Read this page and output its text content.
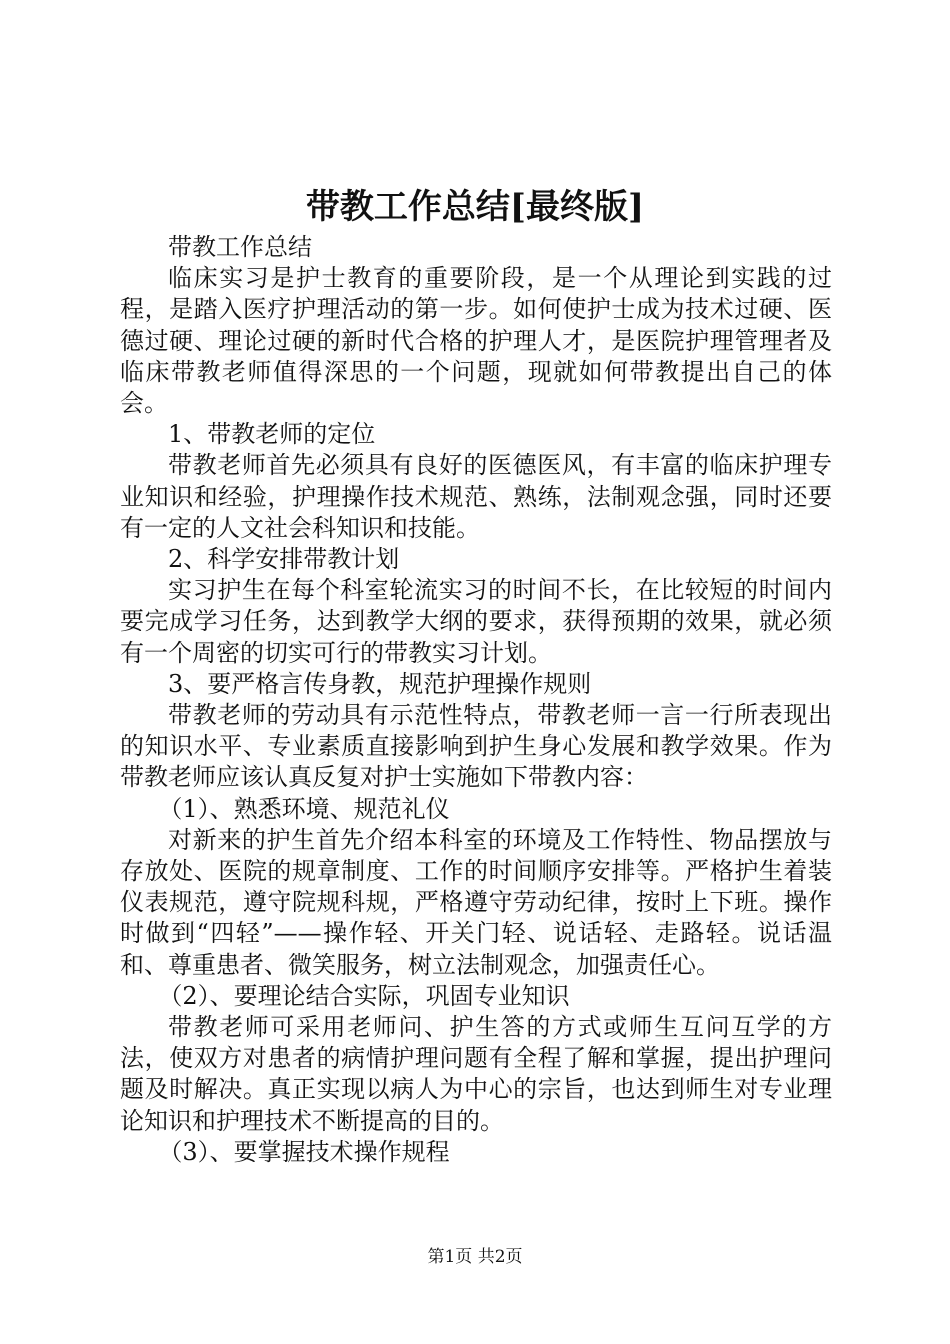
带教工作总结[最终版]

带教工作总结

临床实习是护士教育的重要阶段，是一个从理论到实践的过程，是踏入医疗护理活动的第一步。如何使护士成为技术过硬、医德过硬、理论过硬的新时代合格的护理人才，是医院护理管理者及临床带教老师值得深思的一个问题，现就如何带教提出自己的体会。

1、带教老师的定位

带教老师首先必须具有良好的医德医风，有丰富的临床护理专业知识和经验，护理操作技术规范、熟练，法制观念强，同时还要有一定的人文社会科知识和技能。

2、科学安排带教计划

实习护生在每个科室轮流实习的时间不长，在比较短的时间内要完成学习任务，达到教学大纲的要求，获得预期的效果，就必须有一个周密的切实可行的带教实习计划。

3、要严格言传身教，规范护理操作规则

带教老师的劳动具有示范性特点，带教老师一言一行所表现出的知识水平、专业素质直接影响到护生身心发展和教学效果。作为带教老师应该认真反复对护士实施如下带教内容：

（1）、熟悉环境、规范礼仪

对新来的护生首先介绍本科室的环境及工作特性、物品摆放与存放处、医院的规章制度、工作的时间顺序安排等。严格护生着装仪表规范，遵守院规科规，严格遵守劳动纪律，按时上下班。操作时做到“四轻”——操作轻、开关门轻、说话轻、走路轻。说话温和、尊重患者、微笑服务，树立法制观念，加强责任心。

（2）、要理论结合实际，巩固专业知识

带教老师可采用老师问、护生答的方式或师生互问互学的方法，使双方对患者的病情护理问题有全程了解和掌握，提出护理问题及时解决。真正实现以病人为中心的宗旨，也达到师生对专业理论知识和护理技术不断提高的目的。

（3）、要掌握技术操作规程

第1页 共2页
